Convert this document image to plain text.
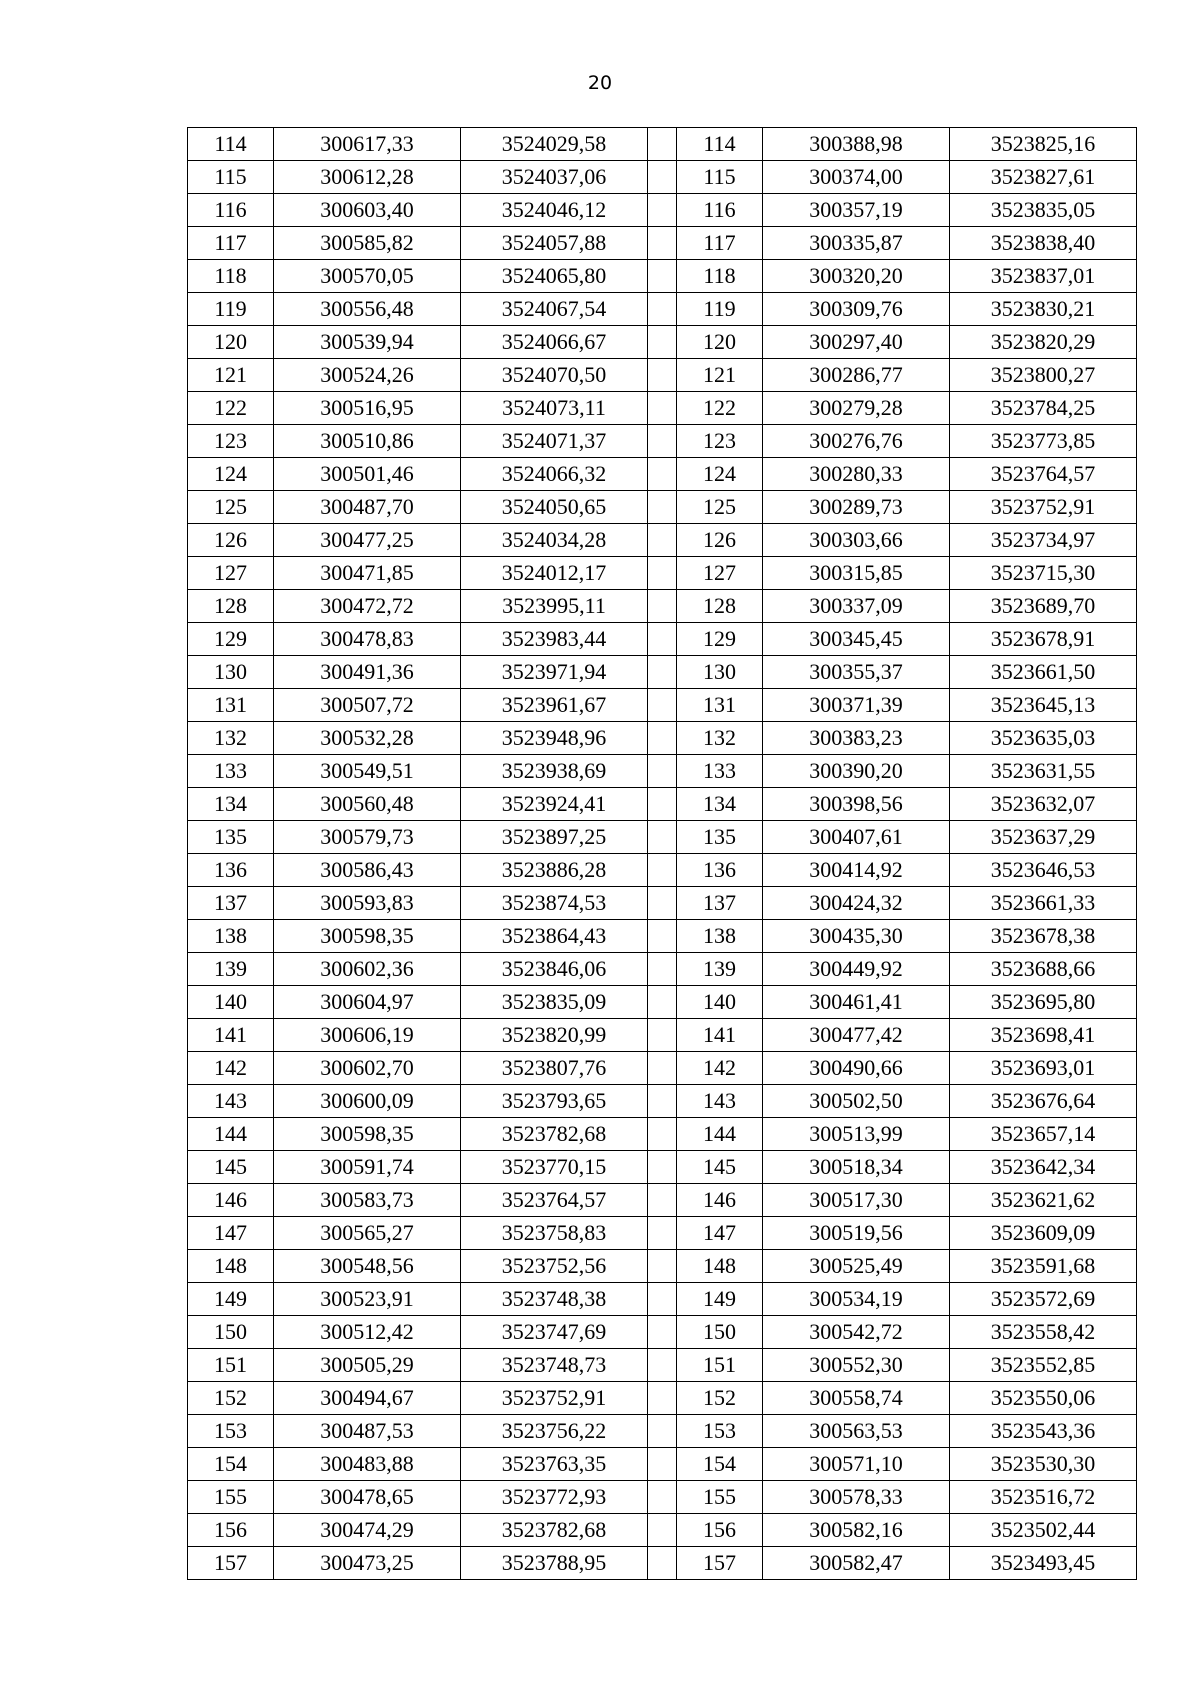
20
114	300617,33	3524029,58		114	300388,98	3523825,16
115	300612,28	3524037,06		115	300374,00	3523827,61
116	300603,40	3524046,12		116	300357,19	3523835,05
117	300585,82	3524057,88		117	300335,87	3523838,40
118	300570,05	3524065,80		118	300320,20	3523837,01
119	300556,48	3524067,54		119	300309,76	3523830,21
120	300539,94	3524066,67		120	300297,40	3523820,29
121	300524,26	3524070,50		121	300286,77	3523800,27
122	300516,95	3524073,11		122	300279,28	3523784,25
123	300510,86	3524071,37		123	300276,76	3523773,85
124	300501,46	3524066,32		124	300280,33	3523764,57
125	300487,70	3524050,65		125	300289,73	3523752,91
126	300477,25	3524034,28		126	300303,66	3523734,97
127	300471,85	3524012,17		127	300315,85	3523715,30
128	300472,72	3523995,11		128	300337,09	3523689,70
129	300478,83	3523983,44		129	300345,45	3523678,91
130	300491,36	3523971,94		130	300355,37	3523661,50
131	300507,72	3523961,67		131	300371,39	3523645,13
132	300532,28	3523948,96		132	300383,23	3523635,03
133	300549,51	3523938,69		133	300390,20	3523631,55
134	300560,48	3523924,41		134	300398,56	3523632,07
135	300579,73	3523897,25		135	300407,61	3523637,29
136	300586,43	3523886,28		136	300414,92	3523646,53
137	300593,83	3523874,53		137	300424,32	3523661,33
138	300598,35	3523864,43		138	300435,30	3523678,38
139	300602,36	3523846,06		139	300449,92	3523688,66
140	300604,97	3523835,09		140	300461,41	3523695,80
141	300606,19	3523820,99		141	300477,42	3523698,41
142	300602,70	3523807,76		142	300490,66	3523693,01
143	300600,09	3523793,65		143	300502,50	3523676,64
144	300598,35	3523782,68		144	300513,99	3523657,14
145	300591,74	3523770,15		145	300518,34	3523642,34
146	300583,73	3523764,57		146	300517,30	3523621,62
147	300565,27	3523758,83		147	300519,56	3523609,09
148	300548,56	3523752,56		148	300525,49	3523591,68
149	300523,91	3523748,38		149	300534,19	3523572,69
150	300512,42	3523747,69		150	300542,72	3523558,42
151	300505,29	3523748,73		151	300552,30	3523552,85
152	300494,67	3523752,91		152	300558,74	3523550,06
153	300487,53	3523756,22		153	300563,53	3523543,36
154	300483,88	3523763,35		154	300571,10	3523530,30
155	300478,65	3523772,93		155	300578,33	3523516,72
156	300474,29	3523782,68		156	300582,16	3523502,44
157	300473,25	3523788,95		157	300582,47	3523493,45
